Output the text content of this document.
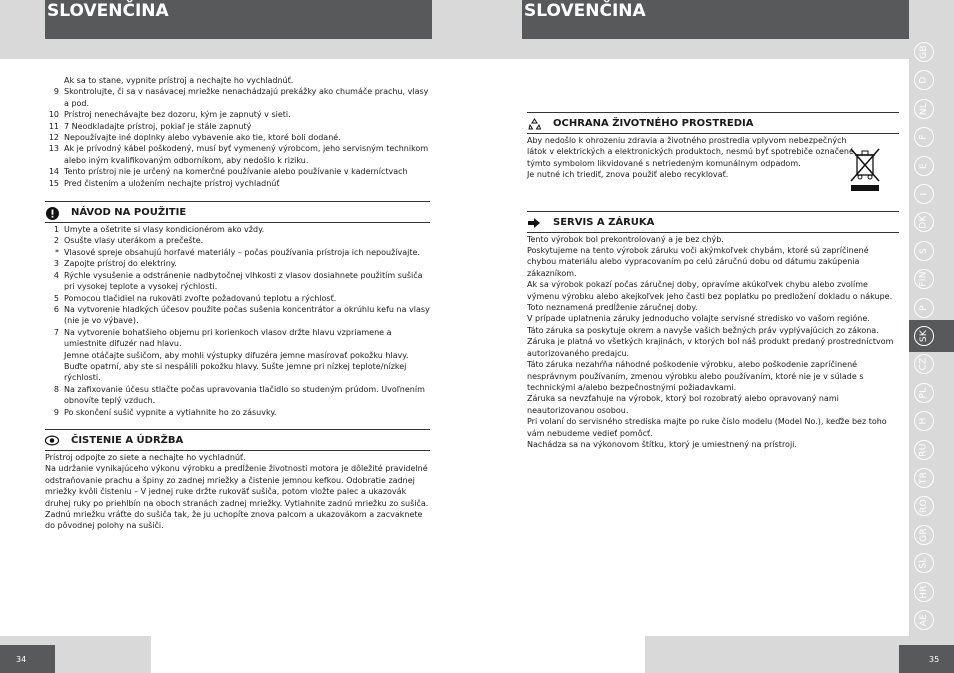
SLOVENČINA	SLOVENČINA
GB
D
NL
F
E
I
DK
S
FIN
P
SK
CZ
PL
H
RU
TR
RO
GR
SL
HR
AE
34	35
Ak sa to stane, vypnite prístroj a nechajte ho vychladnúť.
9 Skontrolujte, či sa v nasávacej mriežke nenachádzajú prekážky ako chumáče prachu, vlasy a pod.
10 Prístroj nenechávajte bez dozoru, kým je zapnutý v sieti.
11 7 Neodkladajte prístroj, pokiaľ je stále zapnutý
12 Nepoužívajte iné doplnky alebo vybavenie ako tie, ktoré boli dodané.
13 Ak je prívodný kábel poškodený, musí byť vymenený výrobcom, jeho servisným technikom alebo iným kvalifikovaným odborníkom, aby nedošlo k riziku.
14 Tento prístroj nie je určený na komerčné používanie alebo používanie v kaderníctvach
15 Pred čistením a uložením nechajte prístroj vychladnúť
NÁVOD NA POUŽITIE
1 Umyte a ošetrite si vlasy kondicionérom ako vždy.
2 Osušte vlasy uterákom a prečešte.
* Vlasové spreje obsahujú horľavé materiály – počas používania prístroja ich nepoužívajte.
3 Zapojte prístroj do elektriny.
4 Rýchle vysušenie a odstránenie nadbytočnej vlhkosti z vlasov dosiahnete použitím sušiča pri vysokej teplote a vysokej rýchlosti.
5 Pomocou tlačidiel na rukoväti zvoľte požadovanú teplotu a rýchlosť.
6 Na vytvorenie hladkých účesov použite počas sušenia koncentrátor a okrúhlu kefu na vlasy (nie je vo výbave).
7 Na vytvorenie bohatšieho objemu pri korienkoch vlasov držte hlavu vzpriamene a umiestnite difuzér nad hlavu.
Jemne otáčajte sušičom, aby mohli výstupky difuzéra jemne masírovať pokožku hlavy. Buďte opatrní, aby ste si nespálili pokožku hlavy. Sušte jemne pri nízkej teplote/nízkej rýchlosti.
8 Na zafixovanie účesu stlačte počas upravovania tlačidlo so studeným prúdom. Uvoľnením obnovíte teplý vzduch.
9 Po skončení sušič vypnite a vytiahnite ho zo zásuvky.
ČISTENIE A ÚDRŽBA

Prístroj odpojte zo siete a nechajte ho vychladnúť.

Na udržanie vynikajúceho výkonu výrobku a predĺženie životnosti motora je dôležité pravidelné odstraňovanie prachu a špiny zo zadnej mriežky a čistenie jemnou kefkou. Odobratie zadnej mriežky kvôli čisteniu – V jednej ruke držte rukoväť sušiča, potom vložte palec a ukazovák druhej ruky po priehlbín na oboch stranách zadnej mriežky. Vytiahnite zadnú mriežku zo sušiča.

Zadnú mriežku vráťte do sušiča tak, že ju uchopíte znova palcom a ukazovákom a zacvaknete do pôvodnej polohy na sušiči.

OCHRANA ŽIVOTNÉHO PROSTREDIA

Aby nedošlo k ohrozeniu zdravia a životného prostredia vplyvom nebezpečných látok v elektrických a elektronických produktoch, nesmú byť spotrebiče označené týmto symbolom likvidované s netriedeným komunálnym odpadom.

Je nutné ich triediť, znova použiť alebo recyklovať.

SERVIS A ZÁRUKA

Tento výrobok bol prekontrolovaný a je bez chýb.

Poskytujeme na tento výrobok záruku voči akýmkoľvek chybám, ktoré sú zapríčinené chybou materiálu alebo vypracovaním po celú záručnú dobu od dátumu zakúpenia zákazníkom.

Ak sa výrobok pokazí počas záručnej doby, opravíme akúkoľvek chybu alebo zvolíme výmenu výrobku alebo akejkoľvek jeho časti bez poplatku po predložení dokladu o nákupe.

Toto neznamená predĺženie záručnej doby.

V prípade uplatnenia záruky jednoducho volajte servisné stredisko vo vašom regióne.

Táto záruka sa poskytuje okrem a navyše vašich bežných práv vyplývajúcich zo zákona.

Záruka je platná vo všetkých krajinách, v ktorých bol náš produkt predaný prostredníctvom autorizovaného predajcu.

Táto záruka nezahŕňa náhodné poškodenie výrobku, alebo poškodenie zapríčinené nesprávnym používaním, zmenou výrobku alebo používaním, ktoré nie je v súlade s technickými a/alebo bezpečnostnými požiadavkami.

Záruka sa nevzťahuje na výrobok, ktorý bol rozobratý alebo opravovaný nami neautorizovanou osobou.

Pri volaní do servisného strediska majte po ruke číslo modelu (Model No.), keďže bez toho vám nebudeme vedieť pomôcť.

Nachádza sa na výkonovom štítku, ktorý je umiestnený na prístroji.
